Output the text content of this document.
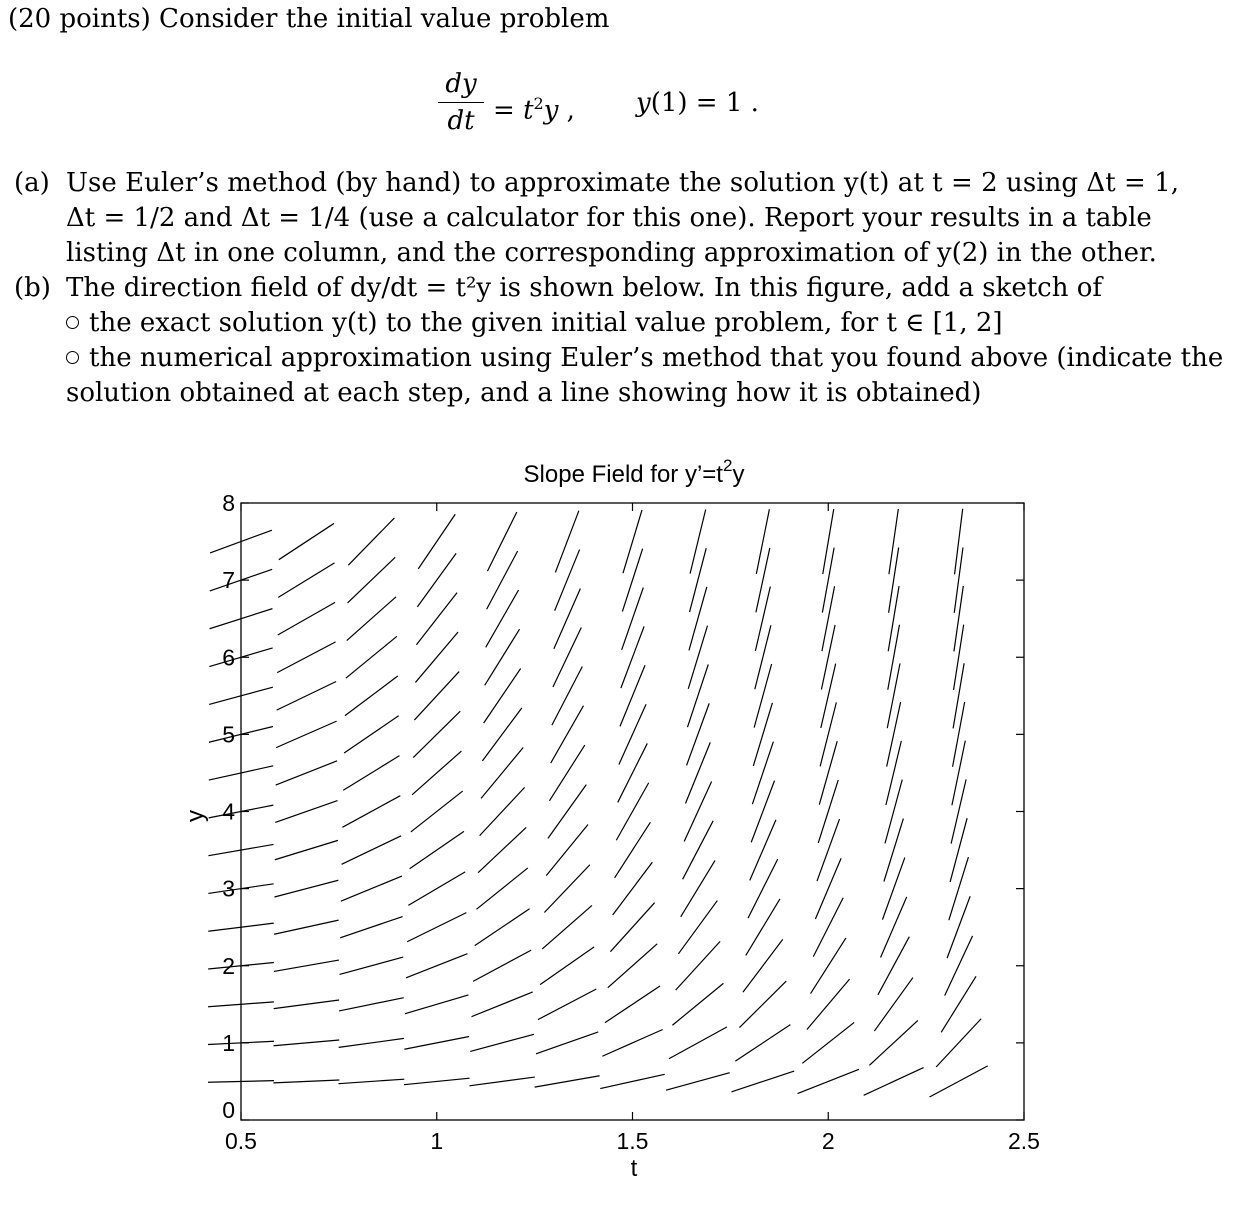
(20 points) Consider the initial value problem
dy
dt = $t^2y$ , y(1) = 1 .
(a) Use Euler’s method (by hand) to approximate the solution y(t) at t = 2 using Δt = 1,
Δt = 1/2 and Δt = 1/4 (use a calculator for this one). Report your results in a table
listing Δt in one column, and the corresponding approximation of y(2) in the other.
(b) The direction field of dy/dt = t²y is shown below. In this figure, add a sketch of
the exact solution y(t) to the given initial value problem, for t ∈ [1, 2]
the numerical approximation using Euler’s method that you found above (indicate the
solution obtained at each step, and a line showing how it is obtained)
Slope Field for $y’=t^2y$
0.5	1	1.5	2	2.5
0
1
2
3
4
5
6
7
8
t
y
